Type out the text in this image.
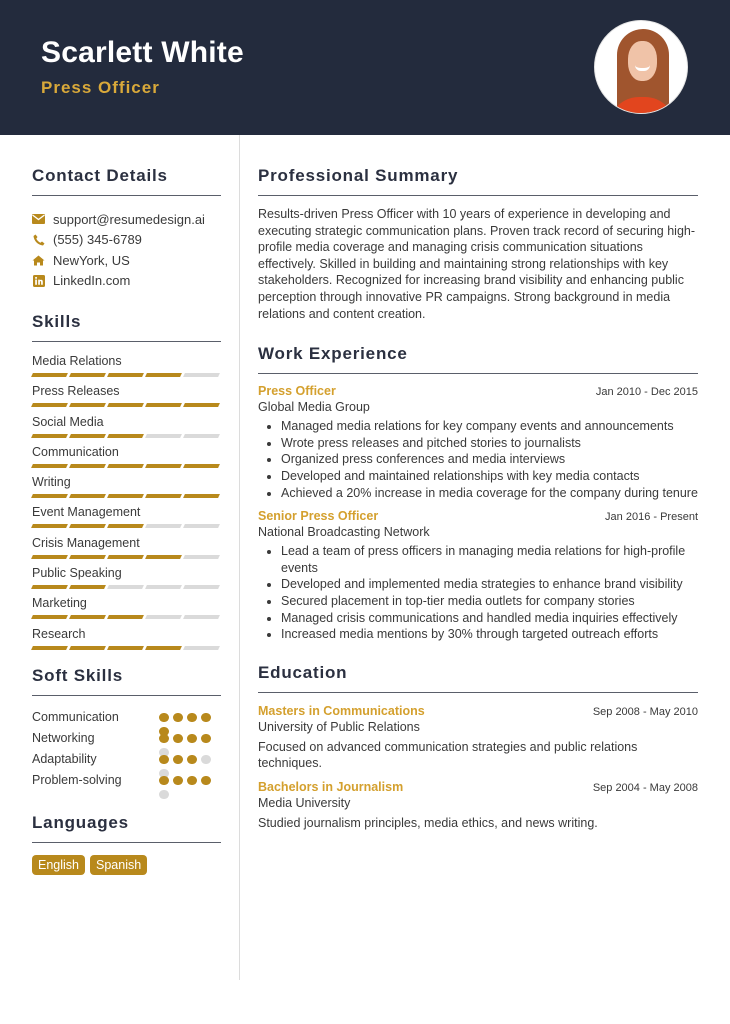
Scarlett White
Press Officer
Contact Details
support@resumedesign.ai
(555) 345-6789
NewYork, US
LinkedIn.com
Skills
Media Relations
Press Releases
Social Media
Communication
Writing
Event Management
Crisis Management
Public Speaking
Marketing
Research
Soft Skills
Communication
Networking
Adaptability
Problem-solving
Languages
English	Spanish
Professional Summary

Results-driven Press Officer with 10 years of experience in developing and executing strategic communication plans. Proven track record of securing high-profile media coverage and managing crisis communication situations effectively. Skilled in building and maintaining strong relationships with key stakeholders. Recognized for increasing brand visibility and enhancing public perception through innovative PR campaigns. Strong background in media relations and content creation.

Work Experience
Press Officer	Jan 2010 - Dec 2015
Global Media Group
• Managed media relations for key company events and announcements
• Wrote press releases and pitched stories to journalists
• Organized press conferences and media interviews
• Developed and maintained relationships with key media contacts
• Achieved a 20% increase in media coverage for the company during tenure
Senior Press Officer	Jan 2016 - Present
National Broadcasting Network
• Lead a team of press officers in managing media relations for high-profile events
• Developed and implemented media strategies to enhance brand visibility
• Secured placement in top-tier media outlets for company stories
• Managed crisis communications and handled media inquiries effectively
• Increased media mentions by 30% through targeted outreach efforts
Education
Masters in Communications	Sep 2008 - May 2010
University of Public Relations

Focused on advanced communication strategies and public relations techniques.

Bachelors in Journalism	Sep 2004 - May 2008
Media University

Studied journalism principles, media ethics, and news writing.
